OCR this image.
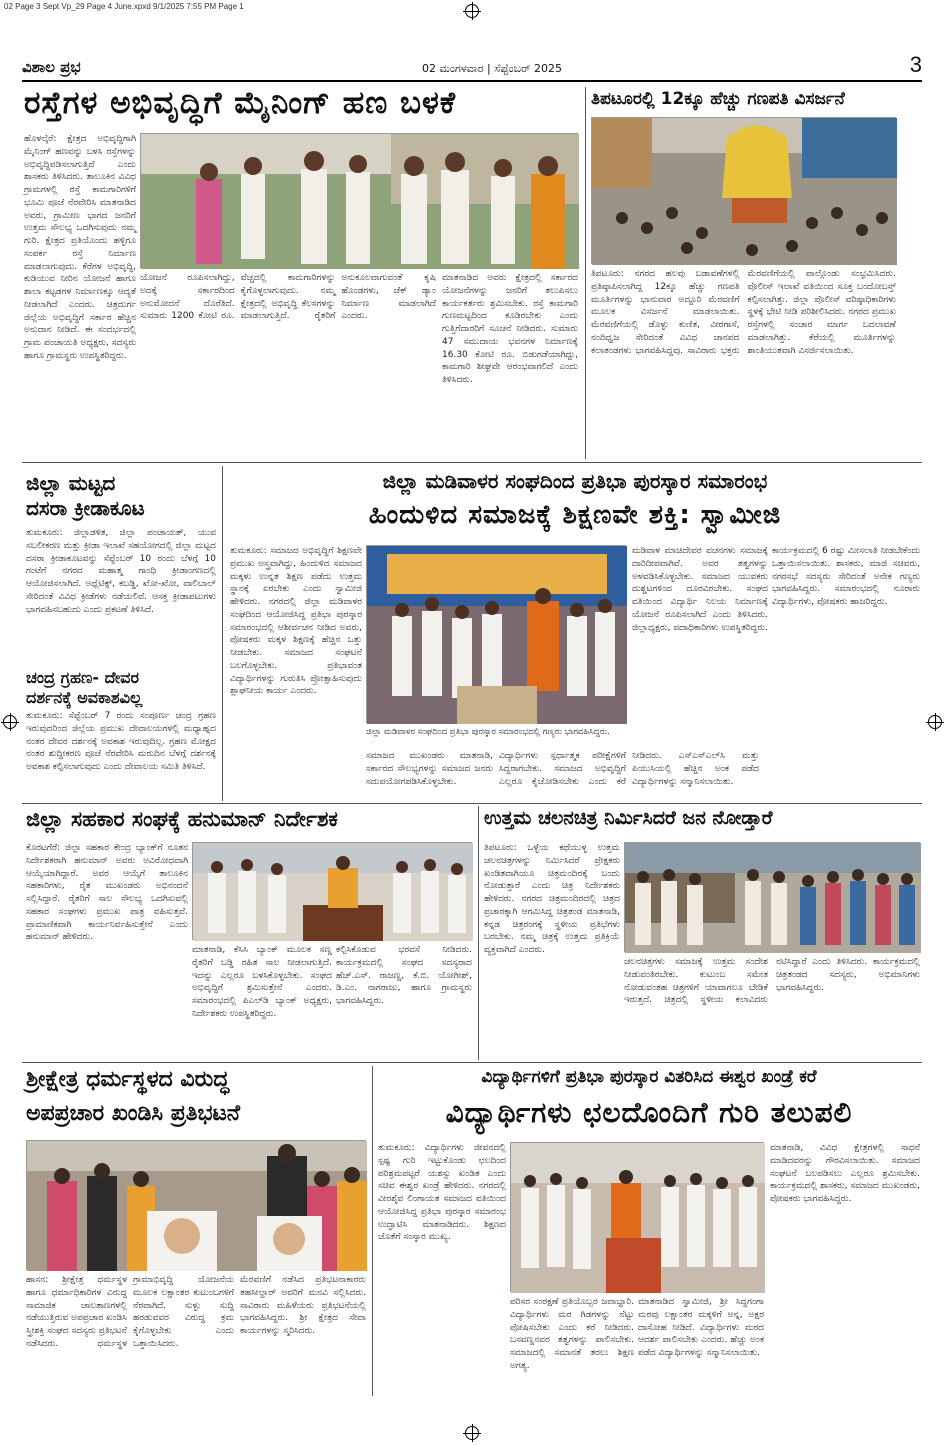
02 Page 3 Sept Vp_29 Page 4 June.xpxd 9/1/2025 7:55 PM Page 1
ವಿಶಾಲ ಪ್ರಭ	02 ಮಂಗಳವಾರ | ಸೆಪ್ಟೆಂಬರ್ 2025	3
ರಸ್ತೆಗಳ ಅಭಿವೃದ್ಧಿಗೆ ಮೈನಿಂಗ್ ಹಣ ಬಳಕೆ
ಹೊಳಲ್ಕೆರೆ: ಕ್ಷೇತ್ರದ ಅಭಿವೃದ್ಧಿಗಾಗಿ ಮೈನಿಂಗ್ ಹಣವನ್ನು ಬಳಸಿ ರಸ್ತೆಗಳನ್ನು ಅಭಿವೃದ್ಧಿಪಡಿಸಲಾಗುತ್ತಿದೆ ಎಂದು ಶಾಸಕರು ತಿಳಿಸಿದರು. ತಾಲೂಕಿನ ವಿವಿಧ ಗ್ರಾಮಗಳಲ್ಲಿ ರಸ್ತೆ ಕಾಮಗಾರಿಗಳಿಗೆ ಭೂಮಿ ಪೂಜೆ ನೆರವೇರಿಸಿ ಮಾತನಾಡಿದ ಅವರು, ಗ್ರಾಮೀಣ ಭಾಗದ ಜನರಿಗೆ ಉತ್ತಮ ಸೌಲಭ್ಯ ಒದಗಿಸುವುದು ನಮ್ಮ ಗುರಿ. ಕ್ಷೇತ್ರದ ಪ್ರತಿಯೊಂದು ಹಳ್ಳಿಗೂ ಸಂಪರ್ಕ ರಸ್ತೆ ನಿರ್ಮಾಣ ಮಾಡಲಾಗುವುದು. ಕೆರೆಗಳ ಅಭಿವೃದ್ಧಿ, ಕುಡಿಯುವ ನೀರಿನ ಯೋಜನೆ ಹಾಗೂ ಶಾಲಾ ಕಟ್ಟಡಗಳ ನಿರ್ಮಾಣಕ್ಕೂ ಆದ್ಯತೆ ನೀಡಲಾಗಿದೆ ಎಂದರು. ಚಿತ್ರದುರ್ಗ ಜಿಲ್ಲೆಯ ಅಭಿವೃದ್ಧಿಗೆ ಸರ್ಕಾರ ಹೆಚ್ಚಿನ ಅನುದಾನ ನೀಡಿದೆ. ಈ ಸಂದರ್ಭದಲ್ಲಿ ಗ್ರಾಮ ಪಂಚಾಯತಿ ಅಧ್ಯಕ್ಷರು, ಸದಸ್ಯರು ಹಾಗೂ ಗ್ರಾಮಸ್ಥರು ಉಪಸ್ಥಿತರಿದ್ದರು.
ಯೋಜನೆ ರೂಪಿಸಲಾಗಿದ್ದು, ಅದಕ್ಕೆ ಸರ್ಕಾರದಿಂದ ಅನುಮೋದನೆ ದೊರೆತಿದೆ. ಸುಮಾರು 1200 ಕೋಟಿ ರೂ. ವೆಚ್ಚದಲ್ಲಿ ಕಾಮಗಾರಿಗಳನ್ನು ಕೈಗೊಳ್ಳಲಾಗುವುದು. ನಮ್ಮ ಕ್ಷೇತ್ರದಲ್ಲಿ ಅಭಿವೃದ್ಧಿ ಕೆಲಸಗಳನ್ನು ಮಾಡಲಾಗುತ್ತಿದೆ. ರೈತರಿಗೆ ಅನುಕೂಲವಾಗುವಂತೆ ಕೃಷಿ ಹೊಂಡಗಳು, ಚೆಕ್ ಡ್ಯಾಂ ನಿರ್ಮಾಣ ಮಾಡಲಾಗಿದೆ ಎಂದರು.
ಮಾತನಾಡಿದ ಅವರು ಕ್ಷೇತ್ರದಲ್ಲಿ ಸರ್ಕಾರದ ಯೋಜನೆಗಳನ್ನು ಜನರಿಗೆ ತಲುಪಿಸಲು ಕಾರ್ಯಕರ್ತರು ಶ್ರಮಿಸಬೇಕು. ರಸ್ತೆ ಕಾಮಗಾರಿ ಗುಣಮಟ್ಟದಿಂದ ಕೂಡಿರಬೇಕು ಎಂದು ಗುತ್ತಿಗೆದಾರರಿಗೆ ಸೂಚನೆ ನೀಡಿದರು. ಸುಮಾರು 47 ಸಮುದಾಯ ಭವನಗಳ ನಿರ್ಮಾಣಕ್ಕೆ 16.30 ಕೋಟಿ ರೂ. ಬಿಡುಗಡೆಯಾಗಿದ್ದು, ಕಾಮಗಾರಿ ಶೀಘ್ರವೇ ಆರಂಭವಾಗಲಿದೆ ಎಂದು ತಿಳಿಸಿದರು.
ತಿಪಟೂರಲ್ಲಿ 12ಕ್ಕೂ ಹೆಚ್ಚು ಗಣಪತಿ ವಿಸರ್ಜನೆ
ತಿಪಟೂರು: ನಗರದ ಹಲವು ಬಡಾವಣೆಗಳಲ್ಲಿ ಪ್ರತಿಷ್ಠಾಪಿಸಲಾಗಿದ್ದ 12ಕ್ಕೂ ಹೆಚ್ಚು ಗಣಪತಿ ಮೂರ್ತಿಗಳನ್ನು ಭಾನುವಾರ ಅದ್ದೂರಿ ಮೆರವಣಿಗೆ ಮೂಲಕ ವಿಸರ್ಜನೆ ಮಾಡಲಾಯಿತು. ಮೆರವಣಿಗೆಯಲ್ಲಿ ಡೊಳ್ಳು ಕುಣಿತ, ವೀರಗಾಸೆ, ನಂದಿಧ್ವಜ ಸೇರಿದಂತೆ ವಿವಿಧ ಜಾನಪದ ಕಲಾತಂಡಗಳು ಭಾಗವಹಿಸಿದ್ದವು. ಸಾವಿರಾರು ಭಕ್ತರು ಮೆರವಣಿಗೆಯಲ್ಲಿ ಪಾಲ್ಗೊಂಡು ಸಂಭ್ರಮಿಸಿದರು. ಪೊಲೀಸ್ ಇಲಾಖೆ ವತಿಯಿಂದ ಸೂಕ್ತ ಬಂದೋಬಸ್ತ್ ಕಲ್ಪಿಸಲಾಗಿತ್ತು. ಜಿಲ್ಲಾ ಪೊಲೀಸ್ ವರಿಷ್ಠಾಧಿಕಾರಿಗಳು ಸ್ಥಳಕ್ಕೆ ಭೇಟಿ ನೀಡಿ ಪರಿಶೀಲಿಸಿದರು. ನಗರದ ಪ್ರಮುಖ ರಸ್ತೆಗಳಲ್ಲಿ ಸಂಚಾರ ಮಾರ್ಗ ಬದಲಾವಣೆ ಮಾಡಲಾಗಿತ್ತು. ಕೆರೆಯಲ್ಲಿ ಮೂರ್ತಿಗಳನ್ನು ಶಾಂತಿಯುತವಾಗಿ ವಿಸರ್ಜಿಸಲಾಯಿತು.
ಜಿಲ್ಲಾ ಮಟ್ಟದ
ದಸರಾ ಕ್ರೀಡಾಕೂಟ
ತುಮಕೂರು: ಜಿಲ್ಲಾಡಳಿತ, ಜಿಲ್ಲಾ ಪಂಚಾಯತ್, ಯುವ ಸಬಲೀಕರಣ ಮತ್ತು ಕ್ರೀಡಾ ಇಲಾಖೆ ಸಹಯೋಗದಲ್ಲಿ ಜಿಲ್ಲಾ ಮಟ್ಟದ ದಸರಾ ಕ್ರೀಡಾಕೂಟವನ್ನು ಸೆಪ್ಟೆಂಬರ್ 10 ರಂದು ಬೆಳಗ್ಗೆ 10 ಗಂಟೆಗೆ ನಗರದ ಮಹಾತ್ಮ ಗಾಂಧಿ ಕ್ರೀಡಾಂಗಣದಲ್ಲಿ ಆಯೋಜಿಸಲಾಗಿದೆ. ಅಥ್ಲೆಟಿಕ್ಸ್, ಕಬಡ್ಡಿ, ಖೋ-ಖೋ, ವಾಲಿಬಾಲ್ ಸೇರಿದಂತೆ ವಿವಿಧ ಕ್ರೀಡೆಗಳು ನಡೆಯಲಿವೆ. ಆಸಕ್ತ ಕ್ರೀಡಾಪಟುಗಳು ಭಾಗವಹಿಸಬಹುದು ಎಂದು ಪ್ರಕಟಣೆ ತಿಳಿಸಿದೆ.
ಚಂದ್ರ ಗ್ರಹಣ- ದೇವರ
ದರ್ಶನಕ್ಕೆ ಅವಕಾಶವಿಲ್ಲ
ತುಮಕೂರು: ಸೆಪ್ಟೆಂಬರ್ 7 ರಂದು ಸಂಪೂರ್ಣ ಚಂದ್ರ ಗ್ರಹಣ ಇರುವುದರಿಂದ ಜಿಲ್ಲೆಯ ಪ್ರಮುಖ ದೇವಾಲಯಗಳಲ್ಲಿ ಮಧ್ಯಾಹ್ನದ ನಂತರ ದೇವರ ದರ್ಶನಕ್ಕೆ ಅವಕಾಶ ಇರುವುದಿಲ್ಲ. ಗ್ರಹಣ ಮೋಕ್ಷದ ನಂತರ ಶುದ್ಧೀಕರಣ ಪೂಜೆ ನೆರವೇರಿಸಿ ಮರುದಿನ ಬೆಳಗ್ಗೆ ದರ್ಶನಕ್ಕೆ ಅವಕಾಶ ಕಲ್ಪಿಸಲಾಗುವುದು ಎಂದು ದೇವಾಲಯ ಸಮಿತಿ ತಿಳಿಸಿದೆ.
ಜಿಲ್ಲಾ ಮಡಿವಾಳರ ಸಂಘದಿಂದ ಪ್ರತಿಭಾ ಪುರಸ್ಕಾರ ಸಮಾರಂಭ
ಹಿಂದುಳಿದ ಸಮಾಜಕ್ಕೆ ಶಿಕ್ಷಣವೇ ಶಕ್ತಿ: ಸ್ವಾಮೀಜಿ
ತುಮಕೂರು: ಸಮಾಜದ ಅಭಿವೃದ್ಧಿಗೆ ಶಿಕ್ಷಣವೇ ಪ್ರಮುಖ ಅಸ್ತ್ರವಾಗಿದ್ದು, ಹಿಂದುಳಿದ ಸಮಾಜದ ಮಕ್ಕಳು ಉನ್ನತ ಶಿಕ್ಷಣ ಪಡೆದು ಉತ್ತಮ ಸ್ಥಾನಕ್ಕೆ ಏರಬೇಕು ಎಂದು ಸ್ವಾಮೀಜಿ ಹೇಳಿದರು. ನಗರದಲ್ಲಿ ಜಿಲ್ಲಾ ಮಡಿವಾಳರ ಸಂಘದಿಂದ ಆಯೋಜಿಸಿದ್ದ ಪ್ರತಿಭಾ ಪುರಸ್ಕಾರ ಸಮಾರಂಭದಲ್ಲಿ ಆಶೀರ್ವಚನ ನೀಡಿದ ಅವರು, ಪೋಷಕರು ಮಕ್ಕಳ ಶಿಕ್ಷಣಕ್ಕೆ ಹೆಚ್ಚಿನ ಒತ್ತು ನೀಡಬೇಕು. ಸಮಾಜದ ಸಂಘಟನೆ ಬಲಗೊಳ್ಳಬೇಕು. ಪ್ರತಿಭಾವಂತ ವಿದ್ಯಾರ್ಥಿಗಳನ್ನು ಗುರುತಿಸಿ ಪ್ರೋತ್ಸಾಹಿಸುವುದು ಶ್ಲಾಘನೀಯ ಕಾರ್ಯ ಎಂದರು.
ಜಿಲ್ಲಾ ಮಡಿವಾಳರ ಸಂಘದಿಂದ ಪ್ರತಿಭಾ ಪುರಸ್ಕಾರ ಸಮಾರಂಭದಲ್ಲಿ ಗಣ್ಯರು ಭಾಗವಹಿಸಿದ್ದರು.
ಸಮಾಜದ ಮುಖಂಡರು ಮಾತನಾಡಿ, ಸರ್ಕಾರದ ಸೌಲಭ್ಯಗಳನ್ನು ಸಮಾಜದ ಜನರು ಸದುಪಯೋಗಪಡಿಸಿಕೊಳ್ಳಬೇಕು. ವಿದ್ಯಾರ್ಥಿಗಳು ಸ್ಪರ್ಧಾತ್ಮಕ ಪರೀಕ್ಷೆಗಳಿಗೆ ಸಿದ್ಧರಾಗಬೇಕು. ಸಮಾಜದ ಅಭಿವೃದ್ಧಿಗೆ ಎಲ್ಲರೂ ಕೈಜೋಡಿಸಬೇಕು ಎಂದು ಕರೆ ನೀಡಿದರು. ಎಸ್ಎಸ್ಎಲ್‌ಸಿ ಮತ್ತು ಪಿಯುಸಿಯಲ್ಲಿ ಹೆಚ್ಚಿನ ಅಂಕ ಪಡೆದ ವಿದ್ಯಾರ್ಥಿಗಳನ್ನು ಸನ್ಮಾನಿಸಲಾಯಿತು.
ಮಡಿವಾಳ ಮಾಚಿದೇವರ ವಚನಗಳು ಸಮಾಜಕ್ಕೆ ದಾರಿದೀಪವಾಗಿವೆ. ಅವರ ತತ್ವಗಳನ್ನು ಅಳವಡಿಸಿಕೊಳ್ಳಬೇಕು. ಸಮಾಜದ ಯುವಕರು ದುಶ್ಚಟಗಳಿಂದ ದೂರವಿರಬೇಕು. ಸಂಘದ ವತಿಯಿಂದ ವಿದ್ಯಾರ್ಥಿ ನಿಲಯ ನಿರ್ಮಾಣಕ್ಕೆ ಯೋಜನೆ ರೂಪಿಸಲಾಗಿದೆ ಎಂದು ತಿಳಿಸಿದರು. ಜಿಲ್ಲಾಧ್ಯಕ್ಷರು, ಪದಾಧಿಕಾರಿಗಳು ಉಪಸ್ಥಿತರಿದ್ದರು.
ಕಾರ್ಯಕ್ರಮದಲ್ಲಿ 6 ರಷ್ಟು ಮೀಸಲಾತಿ ನೀಡಬೇಕೆಂದು ಒತ್ತಾಯಿಸಲಾಯಿತು. ಶಾಸಕರು, ಮಾಜಿ ಸಚಿವರು, ನಗರಸಭೆ ಸದಸ್ಯರು ಸೇರಿದಂತೆ ಅನೇಕ ಗಣ್ಯರು ಭಾಗವಹಿಸಿದ್ದರು. ಸಮಾರಂಭದಲ್ಲಿ ನೂರಾರು ವಿದ್ಯಾರ್ಥಿಗಳು, ಪೋಷಕರು ಹಾಜರಿದ್ದರು.
ಜಿಲ್ಲಾ ಸಹಕಾರ ಸಂಘಕ್ಕೆ ಹನುಮಾನ್ ನಿರ್ದೇಶಕ
ಕೊರಟಗೆರೆ: ಜಿಲ್ಲಾ ಸಹಕಾರ ಕೇಂದ್ರ ಬ್ಯಾಂಕ್‌ಗೆ ನೂತನ ನಿರ್ದೇಶಕರಾಗಿ ಹನುಮಾನ್ ಅವರು ಅವಿರೋಧವಾಗಿ ಆಯ್ಕೆಯಾಗಿದ್ದಾರೆ. ಅವರ ಆಯ್ಕೆಗೆ ತಾಲೂಕಿನ ಸಹಕಾರಿಗಳು, ರೈತ ಮುಖಂಡರು ಅಭಿನಂದನೆ ಸಲ್ಲಿಸಿದ್ದಾರೆ. ರೈತರಿಗೆ ಸಾಲ ಸೌಲಭ್ಯ ಒದಗಿಸುವಲ್ಲಿ ಸಹಕಾರ ಸಂಘಗಳು ಪ್ರಮುಖ ಪಾತ್ರ ವಹಿಸುತ್ತವೆ. ಪ್ರಾಮಾಣಿಕವಾಗಿ ಕಾರ್ಯನಿರ್ವಹಿಸುತ್ತೇನೆ ಎಂದು ಹನುಮಾನ್ ಹೇಳಿದರು.
ಮಾತನಾಡಿ, ಕೆಸಿಸಿ ಬ್ಯಾಂಕ್ ಮೂಲಕ ಸಣ್ಣ ರೈತರಿಗೆ ಬಡ್ಡಿ ರಹಿತ ಸಾಲ ನೀಡಲಾಗುತ್ತಿದೆ. ಇದನ್ನು ಎಲ್ಲರೂ ಬಳಸಿಕೊಳ್ಳಬೇಕು. ಸಂಘದ ಅಭಿವೃದ್ಧಿಗೆ ಶ್ರಮಿಸುತ್ತೇನೆ ಎಂದರು. ಸಮಾರಂಭದಲ್ಲಿ ಪಿಎಲ್‌ಡಿ ಬ್ಯಾಂಕ್ ಅಧ್ಯಕ್ಷರು, ನಿರ್ದೇಶಕರು ಉಪಸ್ಥಿತರಿದ್ದರು.
ಕಲ್ಪಿಸಿಕೊಡುವ ಭರವಸೆ ನೀಡಿದರು. ಕಾರ್ಯಕ್ರಮದಲ್ಲಿ ಸಂಘದ ಸದಸ್ಯರಾದ ಹೆಚ್.ಎಸ್. ರಾಜಣ್ಣ, ಕೆ.ಬಿ. ಯೋಗೀಶ್, ಡಿ.ಎಂ. ನಾಗರಾಜು, ಹಾಗೂ ಗ್ರಾಮಸ್ಥರು ಭಾಗವಹಿಸಿದ್ದರು.
ಉತ್ತಮ ಚಲನಚಿತ್ರ ನಿರ್ಮಿಸಿದರೆ ಜನ ನೋಡ್ತಾರೆ
ತಿಪಟೂರು: ಒಳ್ಳೆಯ ಕಥೆಯುಳ್ಳ ಉತ್ತಮ ಚಲನಚಿತ್ರಗಳನ್ನು ನಿರ್ಮಿಸಿದರೆ ಪ್ರೇಕ್ಷಕರು ಖಂಡಿತವಾಗಿಯೂ ಚಿತ್ರಮಂದಿರಕ್ಕೆ ಬಂದು ನೋಡುತ್ತಾರೆ ಎಂದು ಚಿತ್ರ ನಿರ್ದೇಶಕರು ಹೇಳಿದರು. ನಗರದ ಚಿತ್ರಮಂದಿರದಲ್ಲಿ ಚಿತ್ರದ ಪ್ರಚಾರಕ್ಕಾಗಿ ಆಗಮಿಸಿದ್ದ ಚಿತ್ರತಂಡ ಮಾತನಾಡಿ, ಕನ್ನಡ ಚಿತ್ರರಂಗಕ್ಕೆ ಸ್ಥಳೀಯ ಪ್ರತಿಭೆಗಳು ಬರಬೇಕು. ನಮ್ಮ ಚಿತ್ರಕ್ಕೆ ಉತ್ತಮ ಪ್ರತಿಕ್ರಿಯೆ ವ್ಯಕ್ತವಾಗಿದೆ ಎಂದರು.
ಚಲನಚಿತ್ರಗಳು ಸಮಾಜಕ್ಕೆ ಉತ್ತಮ ಸಂದೇಶ ನೀಡುವಂತಿರಬೇಕು. ಕುಟುಂಬ ಸಮೇತ ನೋಡುವಂತಹ ಚಿತ್ರಗಳಿಗೆ ಯಾವಾಗಲೂ ಬೇಡಿಕೆ ಇರುತ್ತದೆ. ಚಿತ್ರದಲ್ಲಿ ಸ್ಥಳೀಯ ಕಲಾವಿದರು ನಟಿಸಿದ್ದಾರೆ ಎಂದು ತಿಳಿಸಿದರು. ಕಾರ್ಯಕ್ರಮದಲ್ಲಿ ಚಿತ್ರತಂಡದ ಸದಸ್ಯರು, ಅಭಿಮಾನಿಗಳು ಭಾಗವಹಿಸಿದ್ದರು.
ಶ್ರೀಕ್ಷೇತ್ರ ಧರ್ಮಸ್ಥಳದ ವಿರುದ್ಧ
ಅಪಪ್ರಚಾರ ಖಂಡಿಸಿ ಪ್ರತಿಭಟನೆ
ಹಾಸನ: ಶ್ರೀಕ್ಷೇತ್ರ ಧರ್ಮಸ್ಥಳ ಹಾಗೂ ಧರ್ಮಾಧಿಕಾರಿಗಳ ವಿರುದ್ಧ ಸಾಮಾಜಿಕ ಜಾಲತಾಣಗಳಲ್ಲಿ ನಡೆಯುತ್ತಿರುವ ಅಪಪ್ರಚಾರ ಖಂಡಿಸಿ ಸ್ತ್ರೀಶಕ್ತಿ ಸಂಘದ ಸದಸ್ಯರು ಪ್ರತಿಭಟನೆ ನಡೆಸಿದರು. ಧರ್ಮಸ್ಥಳ ಗ್ರಾಮಾಭಿವೃದ್ಧಿ ಯೋಜನೆಯ ಮೂಲಕ ಲಕ್ಷಾಂತರ ಕುಟುಂಬಗಳಿಗೆ ನೆರವಾಗಿದೆ. ಸುಳ್ಳು ಸುದ್ದಿ ಹರಡುವವರ ವಿರುದ್ಧ ಕ್ರಮ ಕೈಗೊಳ್ಳಬೇಕು ಎಂದು ಒತ್ತಾಯಿಸಿದರು.
ಮೆರವಣಿಗೆ ನಡೆಸಿದ ಪ್ರತಿಭಟನಾಕಾರರು ತಹಸೀಲ್ದಾರ್ ಅವರಿಗೆ ಮನವಿ ಸಲ್ಲಿಸಿದರು. ಸಾವಿರಾರು ಮಹಿಳೆಯರು ಪ್ರತಿಭಟನೆಯಲ್ಲಿ ಭಾಗವಹಿಸಿದ್ದರು. ಶ್ರೀ ಕ್ಷೇತ್ರದ ಸೇವಾ ಕಾರ್ಯಗಳನ್ನು ಸ್ಮರಿಸಿದರು.
ವಿದ್ಯಾರ್ಥಿಗಳಿಗೆ ಪ್ರತಿಭಾ ಪುರಸ್ಕಾರ ವಿತರಿಸಿದ ಈಶ್ವರ ಖಂಡ್ರೆ ಕರೆ
ವಿದ್ಯಾರ್ಥಿಗಳು ಛಲದೊಂದಿಗೆ ಗುರಿ ತಲುಪಲಿ
ತುಮಕೂರು: ವಿದ್ಯಾರ್ಥಿಗಳು ಜೀವನದಲ್ಲಿ ಸ್ಪಷ್ಟ ಗುರಿ ಇಟ್ಟುಕೊಂಡು ಛಲದಿಂದ ಪರಿಶ್ರಮಪಟ್ಟರೆ ಯಶಸ್ಸು ಖಂಡಿತ ಎಂದು ಸಚಿವ ಈಶ್ವರ ಖಂಡ್ರೆ ಹೇಳಿದರು. ನಗರದಲ್ಲಿ ವೀರಶೈವ ಲಿಂಗಾಯತ ಸಮಾಜದ ವತಿಯಿಂದ ಆಯೋಜಿಸಿದ್ದ ಪ್ರತಿಭಾ ಪುರಸ್ಕಾರ ಸಮಾರಂಭ ಉದ್ಘಾಟಿಸಿ ಮಾತನಾಡಿದರು. ಶಿಕ್ಷಣದ ಜೊತೆಗೆ ಸಂಸ್ಕಾರ ಮುಖ್ಯ.
ಪರಿಸರ ಸಂರಕ್ಷಣೆ ಪ್ರತಿಯೊಬ್ಬರ ಜವಾಬ್ದಾರಿ. ವಿದ್ಯಾರ್ಥಿಗಳು ಮರ ಗಿಡಗಳನ್ನು ನೆಟ್ಟು ಪೋಷಿಸಬೇಕು ಎಂದು ಕರೆ ನೀಡಿದರು. ಬಸವಣ್ಣನವರ ತತ್ವಗಳನ್ನು ಪಾಲಿಸಬೇಕು. ಸಮಾಜದಲ್ಲಿ ಸಮಾನತೆ ತರಲು ಶಿಕ್ಷಣ ಅಗತ್ಯ.
ಮಾತನಾಡಿದ ಸ್ವಾಮೀಜಿ, ಶ್ರೀ ಸಿದ್ಧಗಂಗಾ ಮಠವು ಲಕ್ಷಾಂತರ ಮಕ್ಕಳಿಗೆ ಅನ್ನ, ಅಕ್ಷರ ದಾಸೋಹ ನೀಡಿದೆ. ವಿದ್ಯಾರ್ಥಿಗಳು ಮಠದ ಆದರ್ಶ ಪಾಲಿಸಬೇಕು ಎಂದರು. ಹೆಚ್ಚು ಅಂಕ ಪಡೆದ ವಿದ್ಯಾರ್ಥಿಗಳನ್ನು ಸನ್ಮಾನಿಸಲಾಯಿತು.
ಮಾತನಾಡಿ, ವಿವಿಧ ಕ್ಷೇತ್ರಗಳಲ್ಲಿ ಸಾಧನೆ ಮಾಡಿದವರನ್ನು ಗೌರವಿಸಲಾಯಿತು. ಸಮಾಜದ ಸಂಘಟನೆ ಬಲಪಡಿಸಲು ಎಲ್ಲರೂ ಶ್ರಮಿಸಬೇಕು. ಕಾರ್ಯಕ್ರಮದಲ್ಲಿ ಶಾಸಕರು, ಸಮಾಜದ ಮುಖಂಡರು, ಪೋಷಕರು ಭಾಗವಹಿಸಿದ್ದರು.
